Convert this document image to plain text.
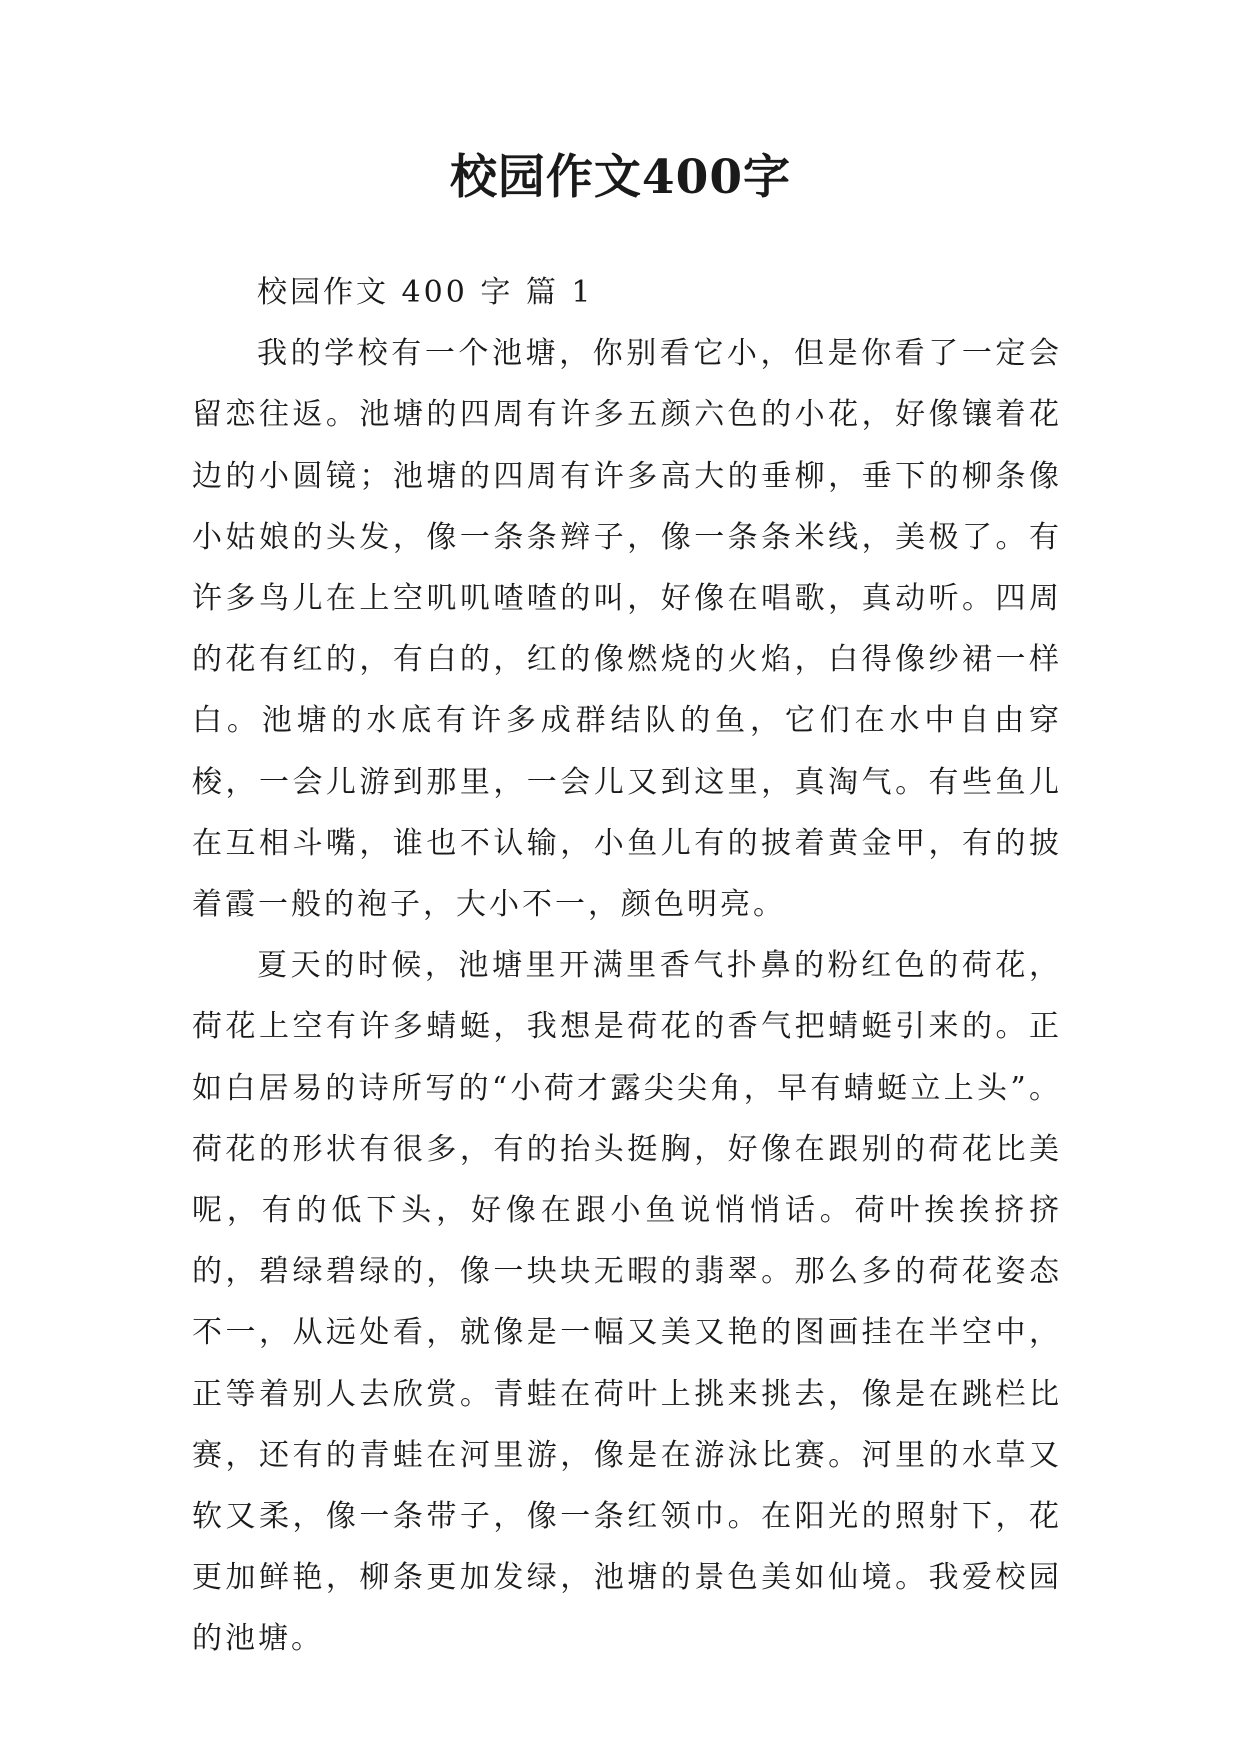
校园作文400字
校园作文 400 字 篇 1

我的学校有一个池塘，你别看它小，但是你看了一定会留恋往返。池塘的四周有许多五颜六色的小花，好像镶着花边的小圆镜；池塘的四周有许多高大的垂柳，垂下的柳条像小姑娘的头发，像一条条辫子，像一条条米线，美极了。有许多鸟儿在上空叽叽喳喳的叫，好像在唱歌，真动听。四周的花有红的，有白的，红的像燃烧的火焰，白得像纱裙一样白。池塘的水底有许多成群结队的鱼，它们在水中自由穿梭，一会儿游到那里，一会儿又到这里，真淘气。有些鱼儿在互相斗嘴，谁也不认输，小鱼儿有的披着黄金甲，有的披着霞一般的袍子，大小不一，颜色明亮。

夏天的时候，池塘里开满里香气扑鼻的粉红色的荷花，荷花上空有许多蜻蜓，我想是荷花的香气把蜻蜓引来的。正如白居易的诗所写的“小荷才露尖尖角，早有蜻蜓立上头”。荷花的形状有很多，有的抬头挺胸，好像在跟别的荷花比美呢，有的低下头，好像在跟小鱼说悄悄话。荷叶挨挨挤挤的，碧绿碧绿的，像一块块无暇的翡翠。那么多的荷花姿态不一，从远处看，就像是一幅又美又艳的图画挂在半空中，正等着别人去欣赏。青蛙在荷叶上挑来挑去，像是在跳栏比赛，还有的青蛙在河里游，像是在游泳比赛。河里的水草又软又柔，像一条带子，像一条红领巾。在阳光的照射下，花更加鲜艳，柳条更加发绿，池塘的景色美如仙境。我爱校园的池塘。
